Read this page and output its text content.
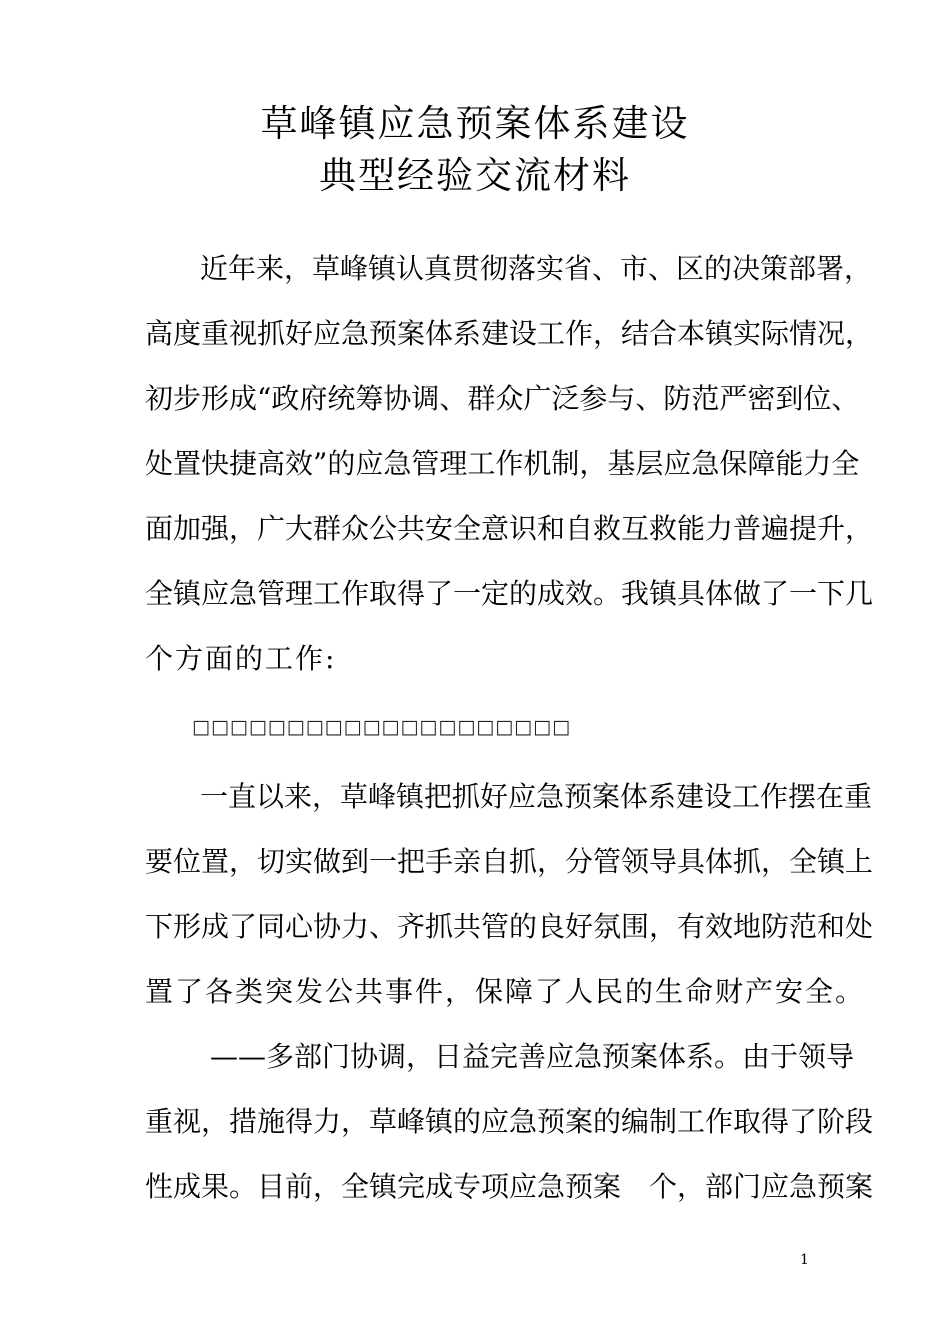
草峰镇应急预案体系建设
典型经验交流材料
近年来，草峰镇认真贯彻落实省、市、区的决策部署，
高度重视抓好应急预案体系建设工作，结合本镇实际情况，
初步形成“政府统筹协调、群众广泛参与、防范严密到位、
处置快捷高效”的应急管理工作机制，基层应急保障能力全
面加强，广大群众公共安全意识和自救互救能力普遍提升，
全镇应急管理工作取得了一定的成效。我镇具体做了一下几
个方面的工作:
□□□□□□□□□□□□□□□□□□□□
一直以来，草峰镇把抓好应急预案体系建设工作摆在重
要位置，切实做到一把手亲自抓，分管领导具体抓，全镇上
下形成了同心协力、齐抓共管的良好氛围，有效地防范和处
置了各类突发公共事件，保障了人民的生命财产安全。
——多部门协调，日益完善应急预案体系。由于领导
重视，措施得力，草峰镇的应急预案的编制工作取得了阶段
性成果。目前，全镇完成专项应急预案　个，部门应急预案
1
